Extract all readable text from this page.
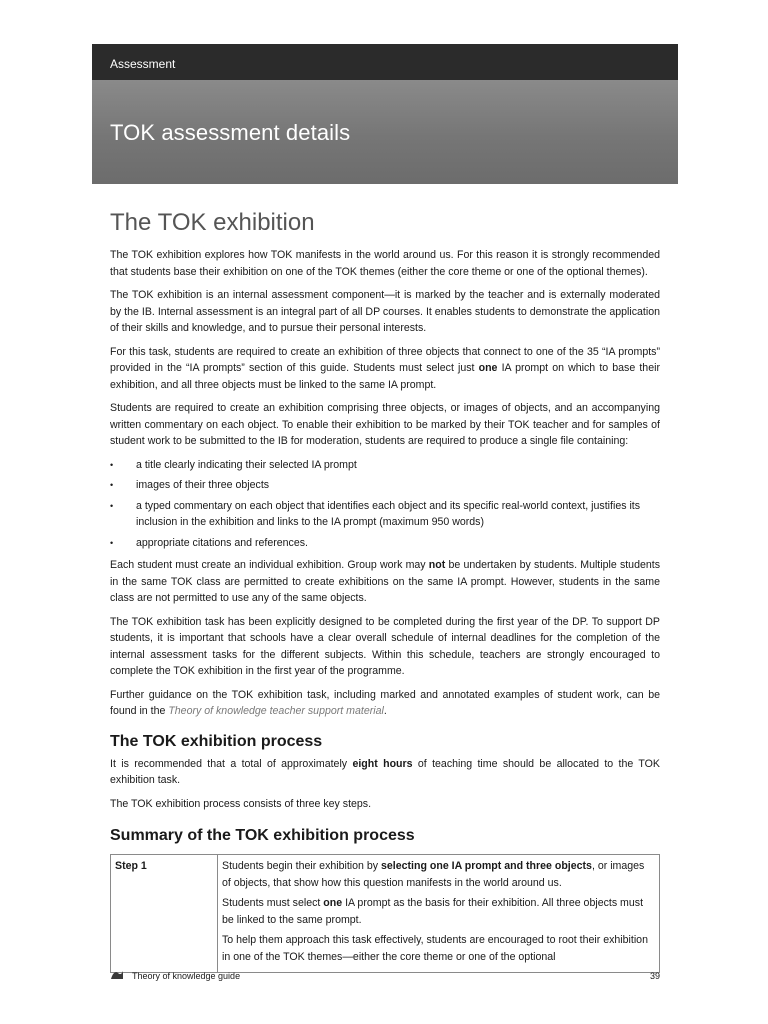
Assessment
TOK assessment details
The TOK exhibition

The TOK exhibition explores how TOK manifests in the world around us. For this reason it is strongly recommended that students base their exhibition on one of the TOK themes (either the core theme or one of the optional themes).

The TOK exhibition is an internal assessment component—it is marked by the teacher and is externally moderated by the IB. Internal assessment is an integral part of all DP courses. It enables students to demonstrate the application of their skills and knowledge, and to pursue their personal interests.

For this task, students are required to create an exhibition of three objects that connect to one of the 35 “IA prompts” provided in the “IA prompts” section of this guide. Students must select just one IA prompt on which to base their exhibition, and all three objects must be linked to the same IA prompt.

Students are required to create an exhibition comprising three objects, or images of objects, and an accompanying written commentary on each object. To enable their exhibition to be marked by their TOK teacher and for samples of student work to be submitted to the IB for moderation, students are required to produce a single file containing:

• a title clearly indicating their selected IA prompt
• images of their three objects
• a typed commentary on each object that identifies each object and its specific real-world context, justifies its inclusion in the exhibition and links to the IA prompt (maximum 950 words)
• appropriate citations and references.

Each student must create an individual exhibition. Group work may not be undertaken by students. Multiple students in the same TOK class are permitted to create exhibitions on the same IA prompt. However, students in the same class are not permitted to use any of the same objects.

The TOK exhibition task has been explicitly designed to be completed during the first year of the DP. To support DP students, it is important that schools have a clear overall schedule of internal deadlines for the completion of the internal assessment tasks for the different subjects. Within this schedule, teachers are strongly encouraged to complete the TOK exhibition in the first year of the programme.

Further guidance on the TOK exhibition task, including marked and annotated examples of student work, can be found in the Theory of knowledge teacher support material.

The TOK exhibition process

It is recommended that a total of approximately eight hours of teaching time should be allocated to the TOK exhibition task.

The TOK exhibition process consists of three key steps.

Summary of the TOK exhibition process
Step 1	Students begin their exhibition by selecting one IA prompt and three objects, or images of objects, that show how this question manifests in the world around us.

Students must select one IA prompt as the basis for their exhibition. All three objects must be linked to the same prompt.

To help them approach this task effectively, students are encouraged to root their exhibition in one of the TOK themes—either the core theme or one of the optional

Theory of knowledge guide	39
